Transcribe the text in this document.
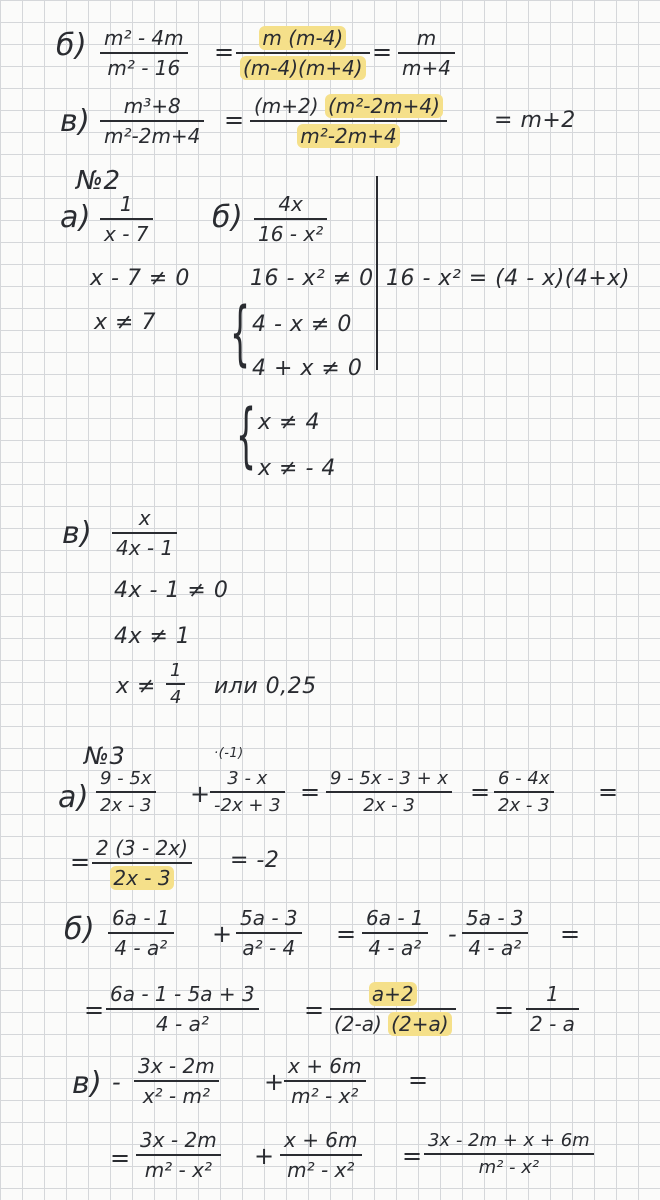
б) m² - 4m
m² - 16
=	m (m-4)
(m-4)(m+4)
= m
m+4
в) m³+8
m²-2m+4
= (m+2) (m²-2m+4)
m²-2m+4
= m+2
№2
а) 1
x - 7
x - 7 ≠ 0
x ≠ 7
б) 4x
16 - x²
16 - x² ≠ 0
{ 4 - x ≠ 0
4 + x ≠ 0
{ x ≠ 4
x ≠ - 4
16 - x² = (4 - x)(4+x)
в) x
4x - 1
4x - 1 ≠ 0
4x ≠ 1
x ≠
1
4 или 0,25
№3
а)
9 - 5x
2x - 3 +
·(-1)
3 - x
-2x + 3 = 9 - 5x - 3 + x
2x - 3 = 6 - 4x
2x - 3 =
= 2 (3 - 2x)
2x - 3
= -2
б) 6a - 1
4 - a² +
5a - 3
a² - 4 =
6a - 1
4 - a² -
5a - 3
4 - a² =
=
6a - 1 - 5a + 3
4 - a²	=
a+2
(2-a) (2+a) =
1
2 - a
в) -
3x - 2m
x² - m² +
x + 6m
m² - x²
=
=
3x - 2m
m² - x² +
x + 6m
m² - x² =
3x - 2m + x + 6m
m² - x²
